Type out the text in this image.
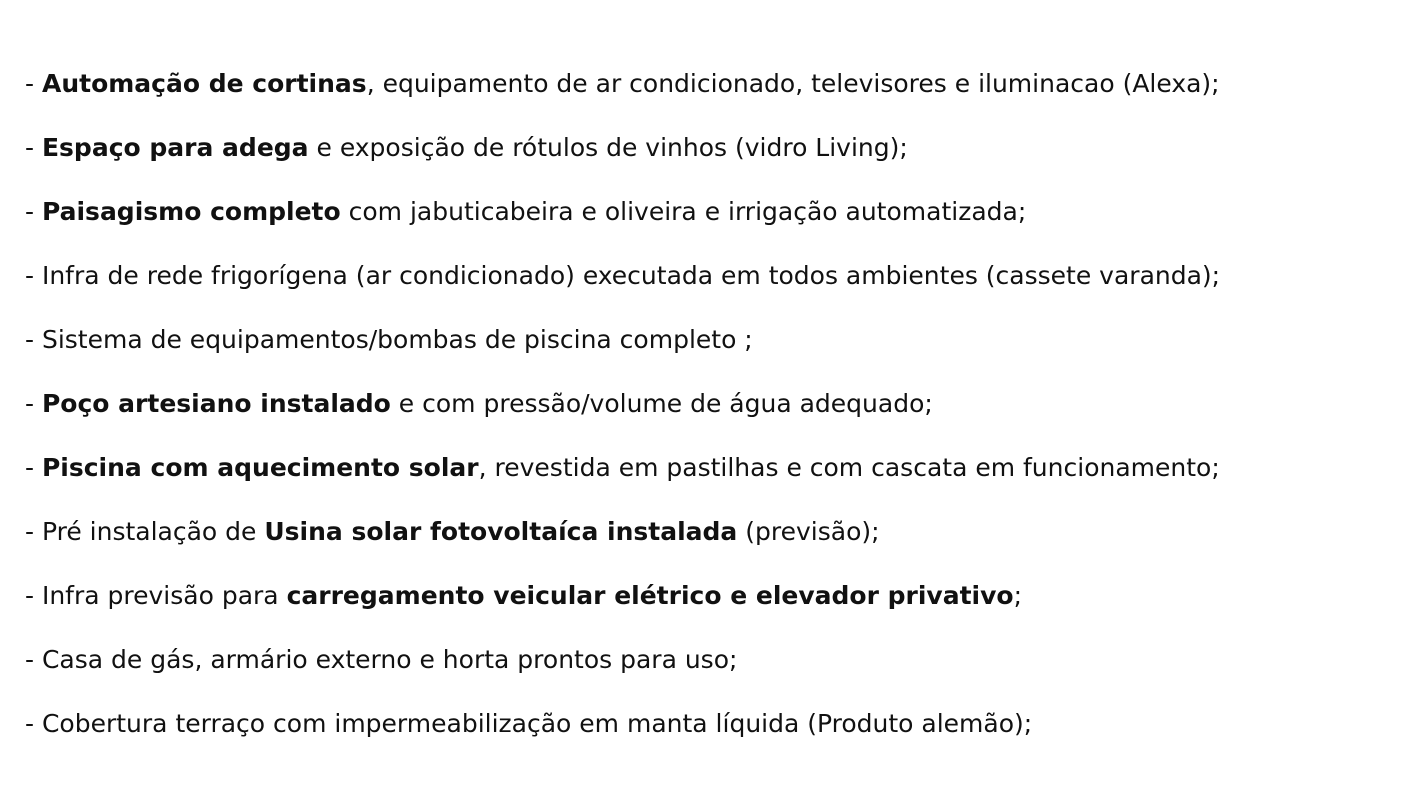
- Automação de cortinas, equipamento de ar condicionado, televisores e iluminacao (Alexa);
- Espaço para adega e exposição de rótulos de vinhos (vidro Living);
- Paisagismo completo com jabuticabeira e oliveira e irrigação automatizada;
- Infra de rede frigorígena (ar condicionado) executada em todos ambientes (cassete varanda);
- Sistema de equipamentos/bombas de piscina completo ;
- Poço artesiano instalado e com pressão/volume de água adequado;
- Piscina com aquecimento solar, revestida em pastilhas e com cascata em funcionamento;
- Pré instalação de Usina solar fotovoltaíca instalada (previsão);
- Infra previsão para carregamento veicular elétrico e elevador privativo;
- Casa de gás, armário externo e horta prontos para uso;
- Cobertura terraço com impermeabilização em manta líquida (Produto alemão);
